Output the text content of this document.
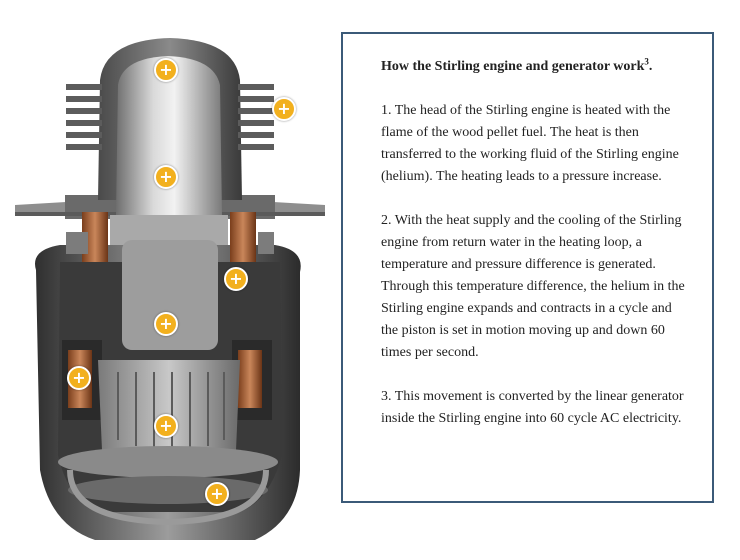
+
+
+
+
+
+
+
+

How the Stirling engine and generator work$^3$.

1. The head of the Stirling engine is heated with the flame of the wood pellet fuel. The heat is then transferred to the working fluid of the Stirling engine (helium). The heating leads to a pressure increase.

2. With the heat supply and the cooling of the Stirling engine from return water in the heating loop, a temperature and pressure difference is generated. Through this temperature difference, the helium in the Stirling engine expands and contracts in a cycle and the piston is set in motion moving up and down 60 times per second.

3. This movement is converted by the linear generator inside the Stirling engine into 60 cycle AC electricity.
